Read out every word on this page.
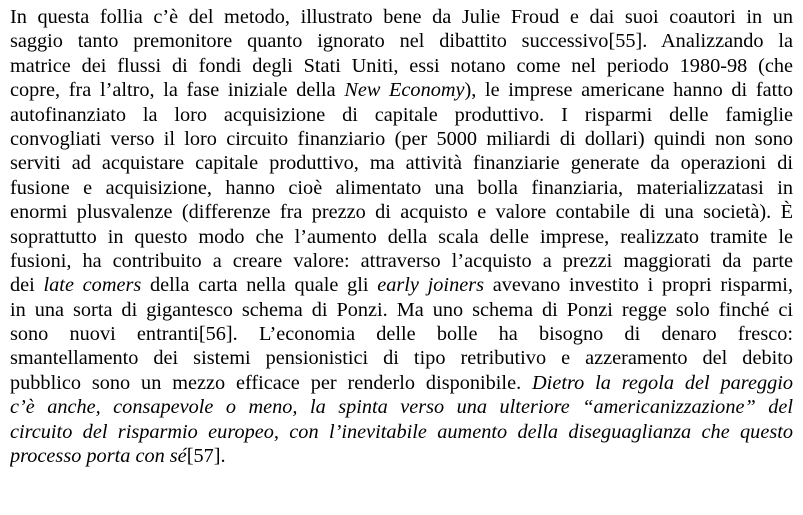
In questa follia c’è del metodo, illustrato bene da Julie Froud e dai suoi coautori in un
saggio tanto premonitore quanto ignorato nel dibattito successivo[55]. Analizzando la
matrice dei flussi di fondi degli Stati Uniti, essi notano come nel periodo 1980-98 (che
copre, fra l’altro, la fase iniziale della New Economy), le imprese americane hanno di fatto
autofinanziato la loro acquisizione di capitale produttivo. I risparmi delle famiglie
convogliati verso il loro circuito finanziario (per 5000 miliardi di dollari) quindi non sono
serviti ad acquistare capitale produttivo, ma attività finanziarie generate da operazioni di
fusione e acquisizione, hanno cioè alimentato una bolla finanziaria, materializzatasi in
enormi plusvalenze (differenze fra prezzo di acquisto e valore contabile di una società). È
soprattutto in questo modo che l’aumento della scala delle imprese, realizzato tramite le
fusioni, ha contribuito a creare valore: attraverso l’acquisto a prezzi maggiorati da parte
dei late comers della carta nella quale gli early joiners avevano investito i propri risparmi,
in una sorta di gigantesco schema di Ponzi. Ma uno schema di Ponzi regge solo finché ci
sono nuovi entranti[56]. L’economia delle bolle ha bisogno di denaro fresco:
smantellamento dei sistemi pensionistici di tipo retributivo e azzeramento del debito
pubblico sono un mezzo efficace per renderlo disponibile. Dietro la regola del pareggio
c’è anche, consapevole o meno, la spinta verso una ulteriore “americanizzazione” del
circuito del risparmio europeo, con l’inevitabile aumento della diseguaglianza che questo
processo porta con sé[57].
